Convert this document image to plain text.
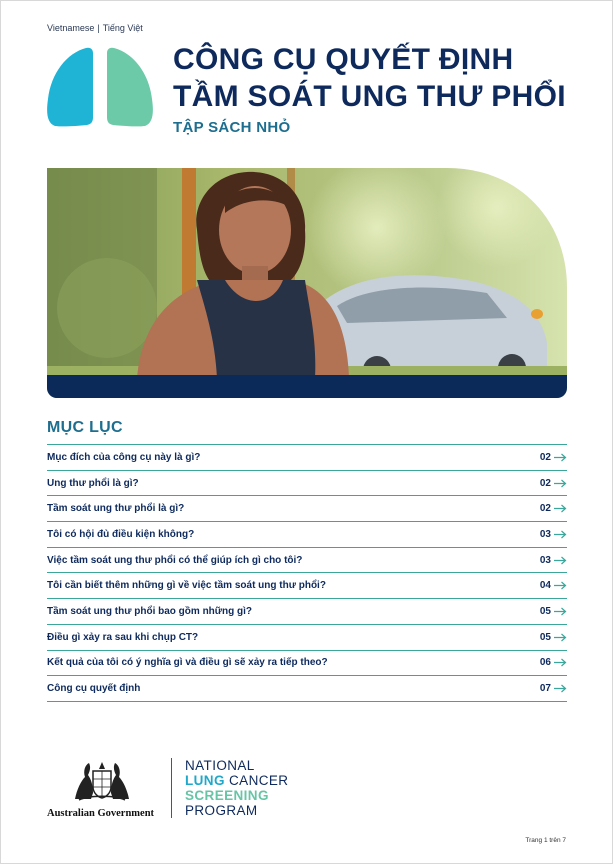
Vietnamese | Tiếng Việt
CÔNG CỤ QUYẾT ĐỊNH
TẦM SOÁT UNG THƯ PHỔI
TẬP SÁCH NHỎ
MỤC LỤC
Mục đích của công cụ này là gì?	02
Ung thư phổi là gì?	02
Tầm soát ung thư phổi là gì?	02
Tôi có hội đủ điều kiện không?	03
Việc tầm soát ung thư phổi có thể giúp ích gì cho tôi?	03
Tôi cần biết thêm những gì về việc tầm soát ung thư phổi?	04
Tầm soát ung thư phổi bao gồm những gì?	05
Điều gì xảy ra sau khi chụp CT?	05
Kết quả của tôi có ý nghĩa gì và điều gì sẽ xảy ra tiếp theo?	06
Công cụ quyết định	07
Australian Government
NATIONAL
LUNG CANCER
SCREENING
PROGRAM
Trang 1 trên 7
